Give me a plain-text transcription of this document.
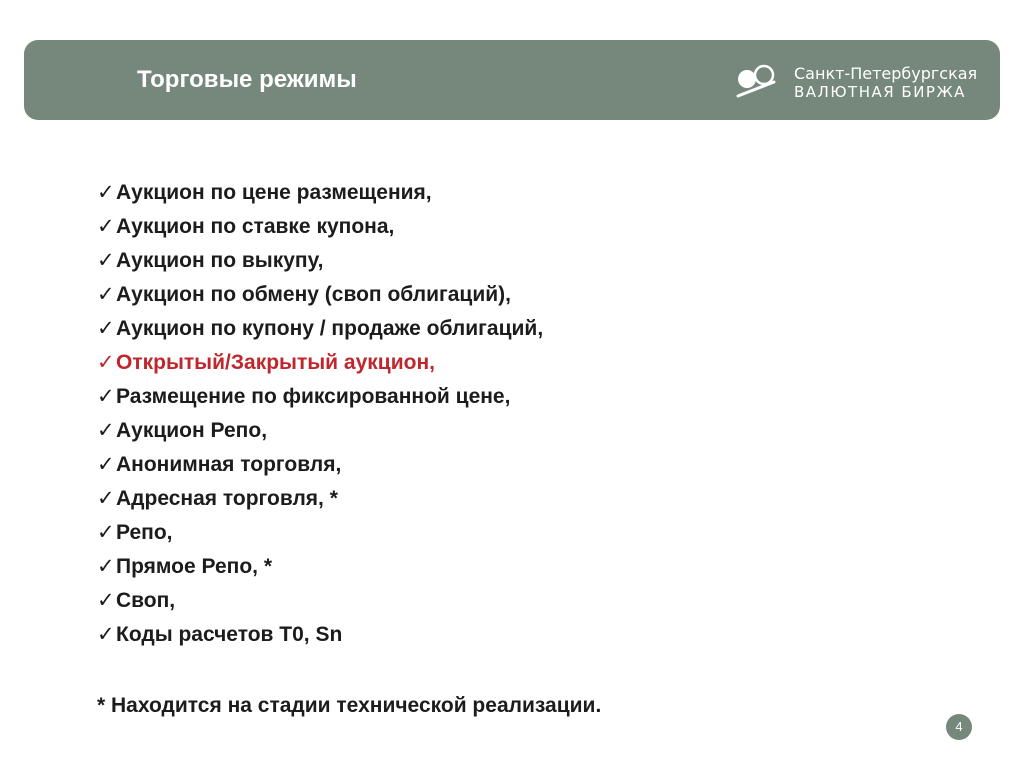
Торговые режимы	Санкт-Петербургская
ВАЛЮТНАЯ БИРЖА
✓Аукцион по цене размещения,
✓Аукцион по ставке купона,
✓Аукцион по выкупу,
✓Аукцион по обмену (своп облигаций),
✓Аукцион по купону / продаже облигаций,
✓Открытый/Закрытый аукцион,
✓Размещение по фиксированной цене,
✓Аукцион Репо,
✓Анонимная торговля,
✓Адресная торговля, *
✓Репо,
✓Прямое Репо, *
✓Своп,
✓Коды расчетов Т0, Sn
* Находится на стадии технической реализации.
4
